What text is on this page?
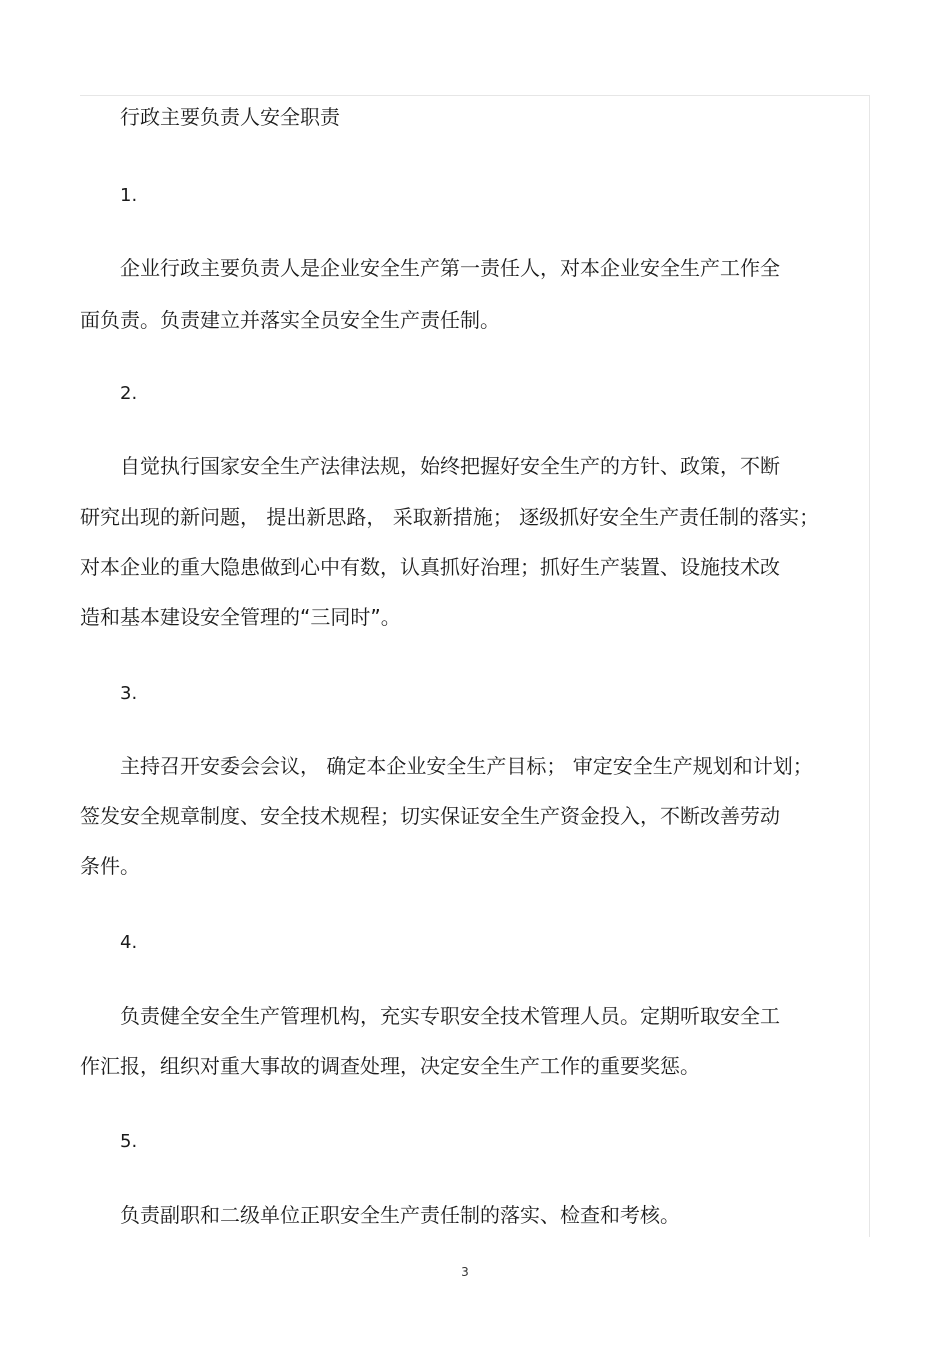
行政主要负责人安全职责

1.

企业行政主要负责人是企业安全生产第一责任人，对本企业安全生产工作全

面负责。负责建立并落实全员安全生产责任制。

2.

自觉执行国家安全生产法律法规，始终把握好安全生产的方针、政策，不断

研究出现的新问题， 提出新思路， 采取新措施； 逐级抓好安全生产责任制的落实；

对本企业的重大隐患做到心中有数，认真抓好治理；抓好生产装置、设施技术改

造和基本建设安全管理的“三同时”。

3.

主持召开安委会会议， 确定本企业安全生产目标； 审定安全生产规划和计划；

签发安全规章制度、安全技术规程；切实保证安全生产资金投入，不断改善劳动

条件。

4.

负责健全安全生产管理机构，充实专职安全技术管理人员。定期听取安全工

作汇报，组织对重大事故的调查处理，决定安全生产工作的重要奖惩。

5.

负责副职和二级单位正职安全生产责任制的落实、检查和考核。

3
